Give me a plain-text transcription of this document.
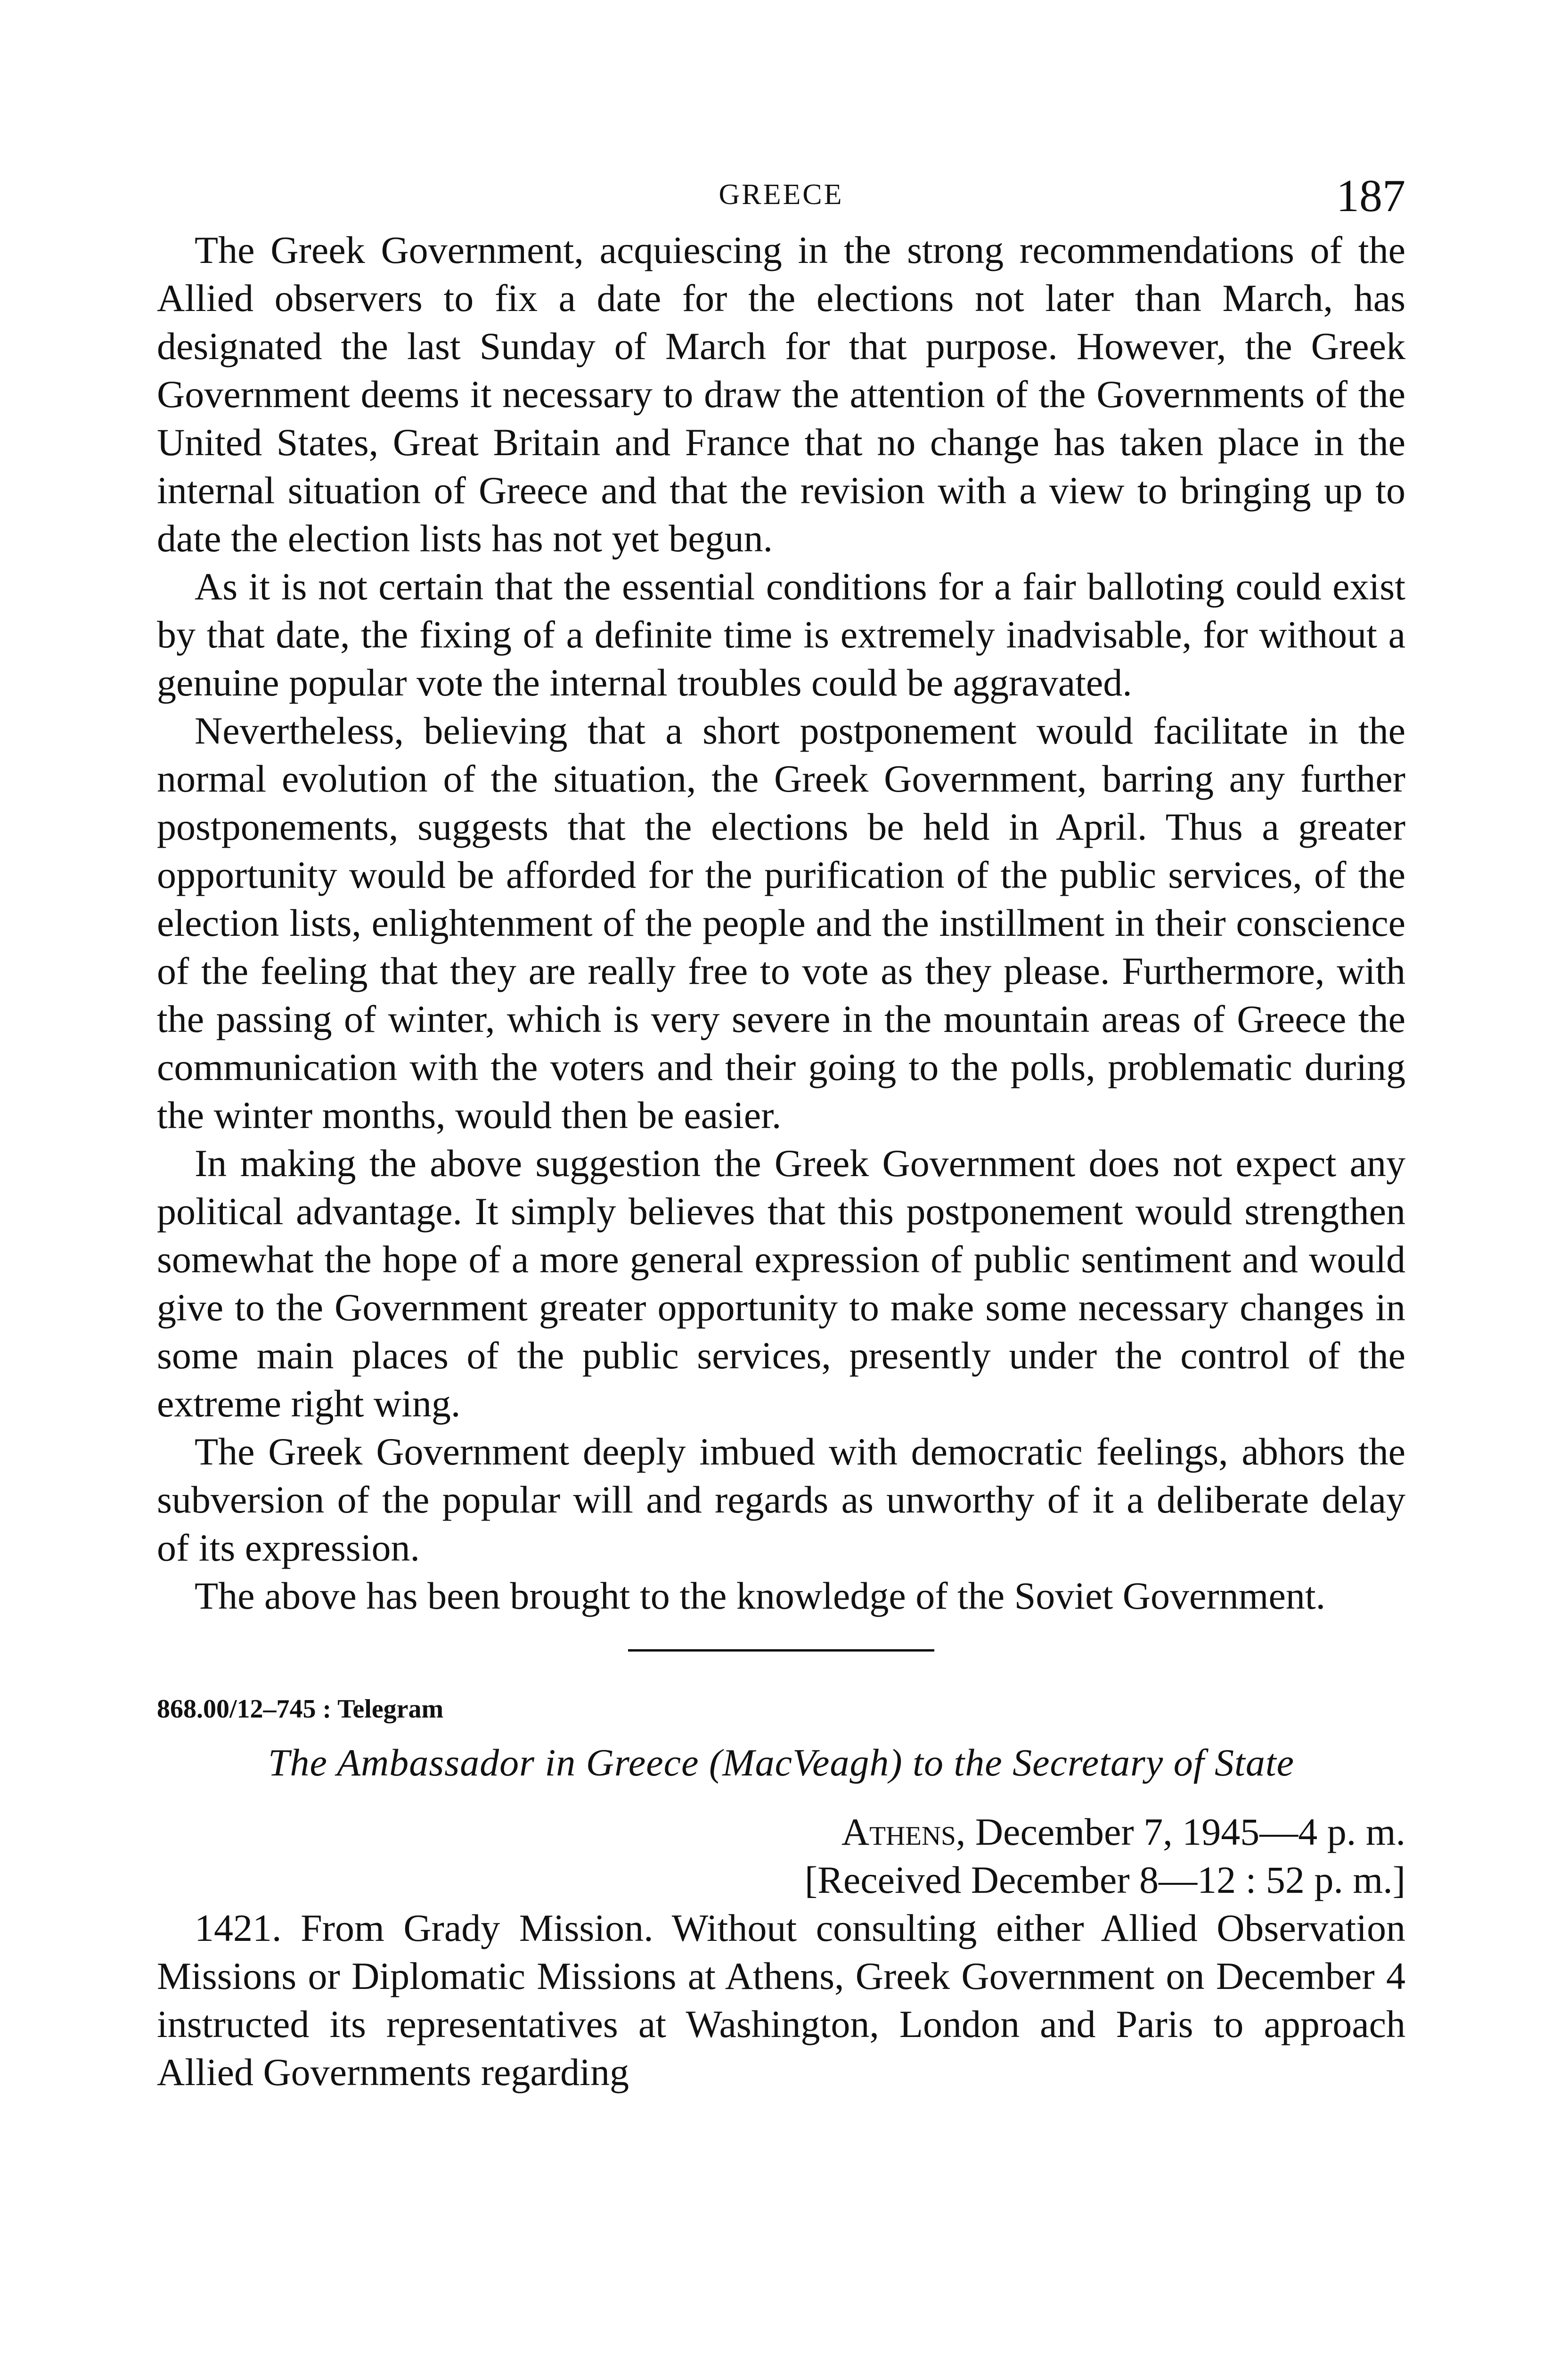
GREECE	187

The Greek Government, acquiescing in the strong recommendations of the Allied observers to fix a date for the elections not later than March, has designated the last Sunday of March for that purpose. However, the Greek Government deems it necessary to draw the attention of the Governments of the United States, Great Britain and France that no change has taken place in the internal situation of Greece and that the revision with a view to bringing up to date the election lists has not yet begun.

As it is not certain that the essential conditions for a fair balloting could exist by that date, the fixing of a definite time is extremely inadvisable, for without a genuine popular vote the internal troubles could be aggravated.

Nevertheless, believing that a short postponement would facilitate in the normal evolution of the situation, the Greek Government, barring any further postponements, suggests that the elections be held in April. Thus a greater opportunity would be afforded for the purification of the public services, of the election lists, enlightenment of the people and the instillment in their conscience of the feeling that they are really free to vote as they please. Furthermore, with the passing of winter, which is very severe in the mountain areas of Greece the communication with the voters and their going to the polls, problematic during the winter months, would then be easier.

In making the above suggestion the Greek Government does not expect any political advantage. It simply believes that this postponement would strengthen somewhat the hope of a more general expression of public sentiment and would give to the Government greater opportunity to make some necessary changes in some main places of the public services, presently under the control of the extreme right wing.

The Greek Government deeply imbued with democratic feelings, abhors the subversion of the popular will and regards as unworthy of it a deliberate delay of its expression.

The above has been brought to the knowledge of the Soviet Government.

868.00/12–745 : Telegram
The Ambassador in Greece (MacVeagh) to the Secretary of State
Athens, December 7, 1945—4 p. m.
[Received December 8—12 : 52 p. m.]

1421. From Grady Mission. Without consulting either Allied Observation Missions or Diplomatic Missions at Athens, Greek Government on December 4 instructed its representatives at Washington, London and Paris to approach Allied Governments regarding
